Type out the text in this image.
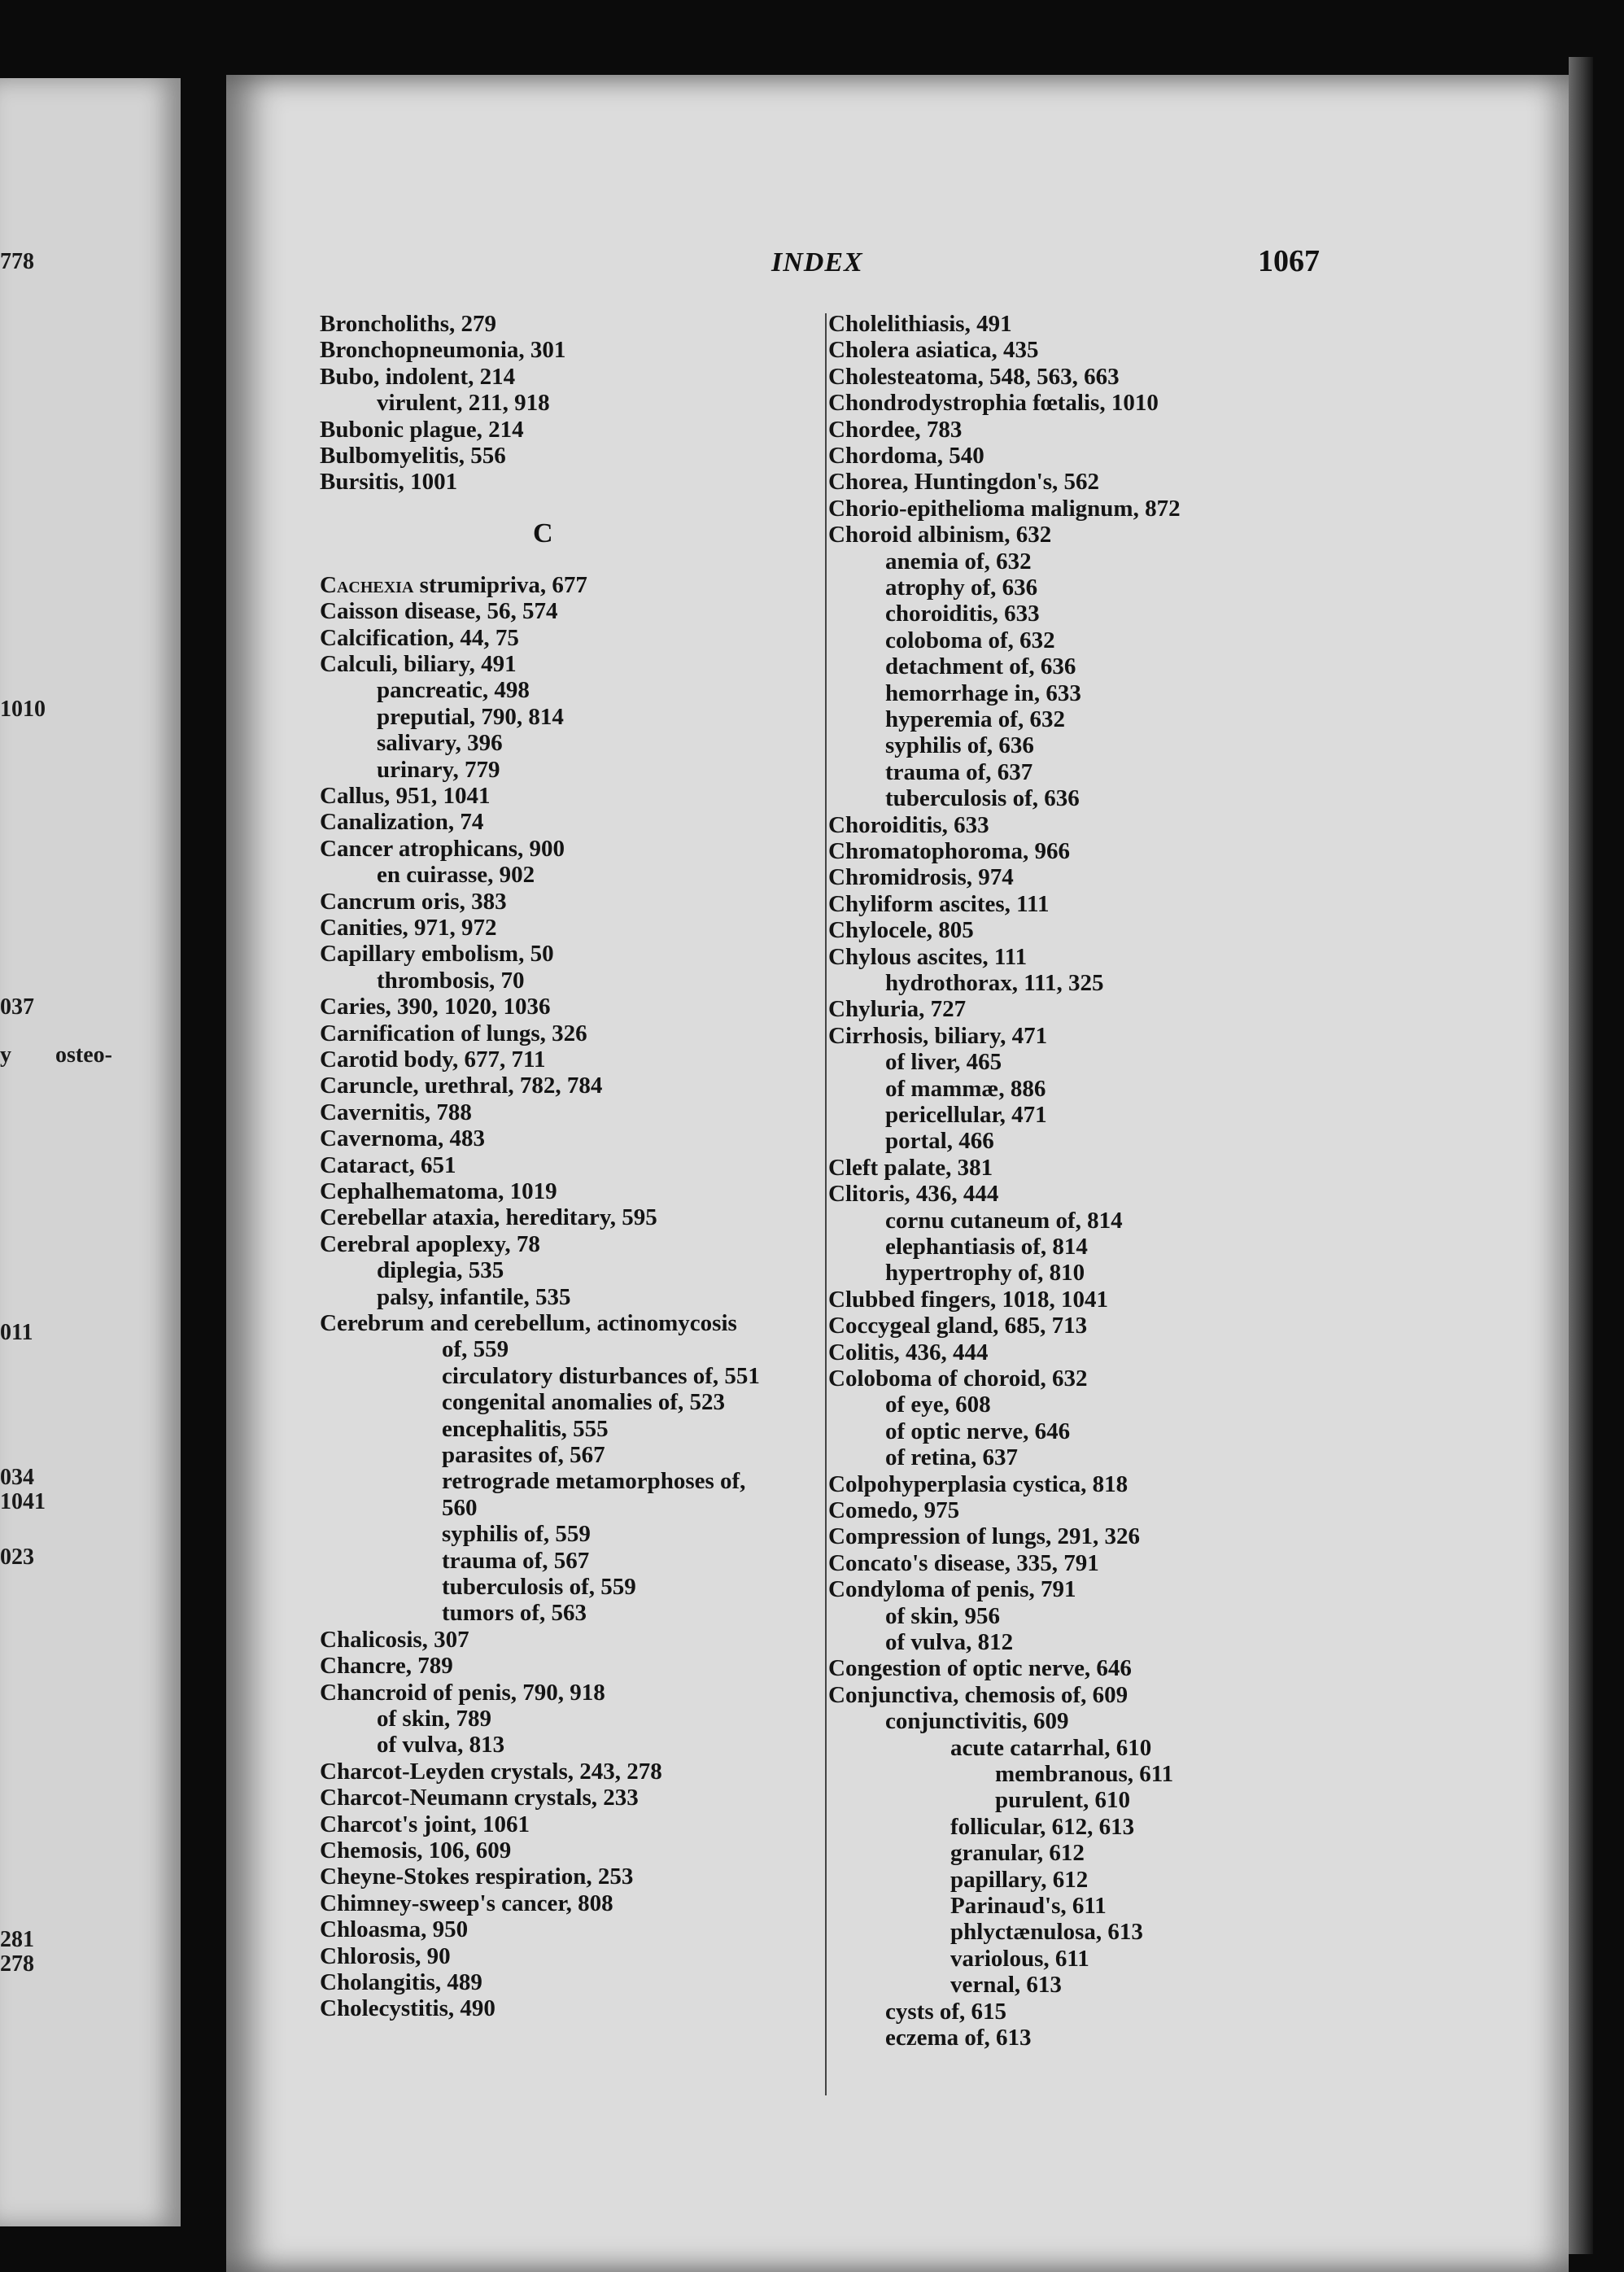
778

1010

037

y osteo-

011

034

1041

023

281

278

INDEX	1067

Broncholiths, 279

Bronchopneumonia, 301

Bubo, indolent, 214

virulent, 211, 918

Bubonic plague, 214

Bulbomyelitis, 556

Bursitis, 1001

C

Cachexia strumipriva, 677

Caisson disease, 56, 574

Calcification, 44, 75

Calculi, biliary, 491

pancreatic, 498

preputial, 790, 814

salivary, 396

urinary, 779

Callus, 951, 1041

Canalization, 74

Cancer atrophicans, 900

en cuirasse, 902

Cancrum oris, 383

Canities, 971, 972

Capillary embolism, 50

thrombosis, 70

Caries, 390, 1020, 1036

Carnification of lungs, 326

Carotid body, 677, 711

Caruncle, urethral, 782, 784

Cavernitis, 788

Cavernoma, 483

Cataract, 651

Cephalhematoma, 1019

Cerebellar ataxia, hereditary, 595

Cerebral apoplexy, 78

diplegia, 535

palsy, infantile, 535

Cerebrum and cerebellum, actinomycosis

of, 559

circulatory disturbances of, 551

congenital anomalies of, 523

encephalitis, 555

parasites of, 567

retrograde metamorphoses of,

560

syphilis of, 559

trauma of, 567

tuberculosis of, 559

tumors of, 563

Chalicosis, 307

Chancre, 789

Chancroid of penis, 790, 918

of skin, 789

of vulva, 813

Charcot-Leyden crystals, 243, 278

Charcot-Neumann crystals, 233

Charcot's joint, 1061

Chemosis, 106, 609

Cheyne-Stokes respiration, 253

Chimney-sweep's cancer, 808

Chloasma, 950

Chlorosis, 90

Cholangitis, 489

Cholecystitis, 490

Cholelithiasis, 491

Cholera asiatica, 435

Cholesteatoma, 548, 563, 663

Chondrodystrophia fœtalis, 1010

Chordee, 783

Chordoma, 540

Chorea, Huntingdon's, 562

Chorio-epithelioma malignum, 872

Choroid albinism, 632

anemia of, 632

atrophy of, 636

choroiditis, 633

coloboma of, 632

detachment of, 636

hemorrhage in, 633

hyperemia of, 632

syphilis of, 636

trauma of, 637

tuberculosis of, 636

Choroiditis, 633

Chromatophoroma, 966

Chromidrosis, 974

Chyliform ascites, 111

Chylocele, 805

Chylous ascites, 111

hydrothorax, 111, 325

Chyluria, 727

Cirrhosis, biliary, 471

of liver, 465

of mammæ, 886

pericellular, 471

portal, 466

Cleft palate, 381

Clitoris, 436, 444

cornu cutaneum of, 814

elephantiasis of, 814

hypertrophy of, 810

Clubbed fingers, 1018, 1041

Coccygeal gland, 685, 713

Colitis, 436, 444

Coloboma of choroid, 632

of eye, 608

of optic nerve, 646

of retina, 637

Colpohyperplasia cystica, 818

Comedo, 975

Compression of lungs, 291, 326

Concato's disease, 335, 791

Condyloma of penis, 791

of skin, 956

of vulva, 812

Congestion of optic nerve, 646

Conjunctiva, chemosis of, 609

conjunctivitis, 609

acute catarrhal, 610

membranous, 611

purulent, 610

follicular, 612, 613

granular, 612

papillary, 612

Parinaud's, 611

phlyctænulosa, 613

variolous, 611

vernal, 613

cysts of, 615

eczema of, 613
